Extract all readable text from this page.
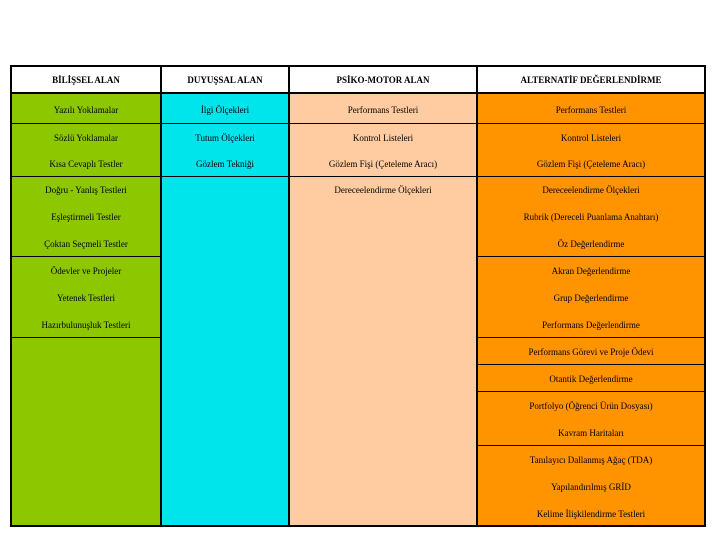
BİLİŞSEL ALAN
Yazılı Yoklamalar
Sözlü Yoklamalar
Kısa Cevaplı Testler
Doğru - Yanlış Testleri
Eşleştirmeli Testler
Çoktan Seçmeli Testler
Ödevler ve Projeler
Yetenek Testleri
Hazırbulunuşluk Testleri
DUYUŞSAL ALAN
İlgi Ölçekleri
Tutum Ölçekleri
Gözlem Tekniği
PSİKO-MOTOR ALAN
Performans Testleri
Kontrol Listeleri
Gözlem Fişi (Çeteleme Aracı)
Dereceelendirme Ölçekleri
ALTERNATİF DEĞERLENDİRME
Performans Testleri
Kontrol Listeleri
Gözlem Fişi (Çeteleme Aracı)
Dereceelendirme Ölçekleri
Rubrik (Dereceli Puanlama Anahtarı)
Öz Değerlendirme
Akran Değerlendirme
Grup Değerlendirme
Performans Değerlendirme
Performans Görevi ve Proje Ödevi
Otantik Değerlendirme
Portfolyo (Öğrenci Ürün Dosyası)
Kavram Haritaları
Tanılayıcı Dallanmış Ağaç (TDA)
Yapılandırılmış GRİD
Kelime İlişkilendirme Testleri
